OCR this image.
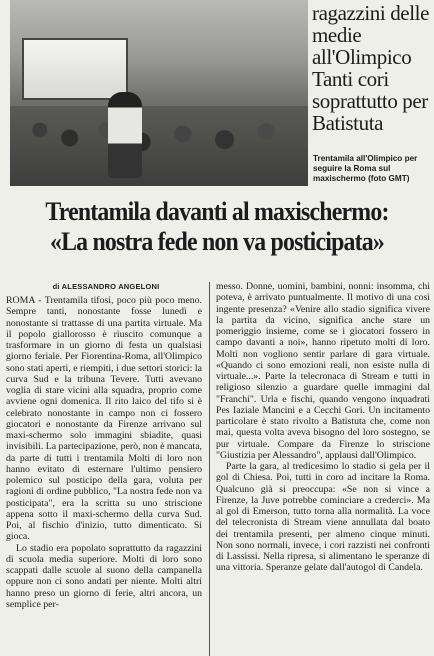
ragazzini delle medie all'Olimpico Tanti cori soprattutto per Batistuta
Trentamila all'Olimpico per seguire la Roma sul maxischermo (foto GMT)
Trentamila davanti al maxischermo:
«La nostra fede non va posticipata»
di ALESSANDRO ANGELONI

ROMA - Trentamila tifosi, poco più poco meno. Sempre tanti, nonostante fosse lunedì e nonostante si trattasse di una partita virtuale. Ma il popolo giallorosso è riuscito comunque a trasformare in un giorno di festa un qualsiasi giorno feriale. Per Fiorentina-Roma, all'Olimpico sono stati aperti, e riempiti, i due settori storici: la curva Sud e la tribuna Tevere. Tutti avevano voglia di stare vicini alla squadra, proprio come avviene ogni domenica. Il rito laico del tifo si è celebrato nonostante in campo non ci fossero giocatori e nonostante da Firenze arrivano sul maxi-schermo solo immagini sbiadite, quasi invisibili. La partecipazione, però, non è mancata, da parte di tutti i trentamila Molti di loro non hanno evitato di esternare l'ultimo pensiero polemico sul posticipo della gara, voluta per ragioni di ordine pubblico, "La nostra fede non va posticipata", era la scritta su uno striscione appena sotto il maxi-schermo della curva Sud. Poi, al fischio d'inizio, tutto dimenticato. Si gioca.

Lo stadio era popolato soprattutto da ragazzini di scuola media superiore. Molti di loro sono scappati dalle scuole al suono della campanella oppure non ci sono andati per niente. Molti altri hanno preso un giorno di ferie, altri ancora, un semplice per-

messo. Donne, uomini, bambini, nonni: insomma, chi poteva, è arrivato puntualmente. Il motivo di una così ingente presenza? «Venire allo stadio significa vivere la partita da vicino, significa anche stare un pomeriggio insieme, come se i giocatori fossero in campo davanti a noi», hanno ripetuto molti di loro. Molti non vogliono sentir parlare di gara virtuale. «Quando ci sono emozioni reali, non esiste nulla di virtuale...». Parte la telecronaca di Stream e tutti in religioso silenzio a guardare quelle immagini dal "Franchi". Urla e fischi, quando vengono inquadrati Pes Iaziale Mancini e a Cecchi Gori. Un incitamento particolare è stato rivolto a Batistuta che, come non mai, questa volta aveva bisogno del loro sostegno, se pur virtuale. Compare da Firenze lo striscione "Giustizia per Alessandro", applausi dall'Olimpico.

Parte la gara, al tredicesimo lo stadio si gela per il gol di Chiesa. Poi, tutti in coro ad incitare la Roma. Qualcuno già si preoccupa: «Se non si vince a Firenze, la Juve potrebbe cominciare a crederci». Ma al gol di Emerson, tutto torna alla normalità. La voce del telecronista di Stream viene annullata dal boato dei trentamila presenti, per almeno cinque minuti. Non sono normali, invece, i cori razzisti nei confronti di Lassissi. Nella ripresa, si alimentano le speranze di una vittoria. Speranze gelate dall'autogol di Candela.
